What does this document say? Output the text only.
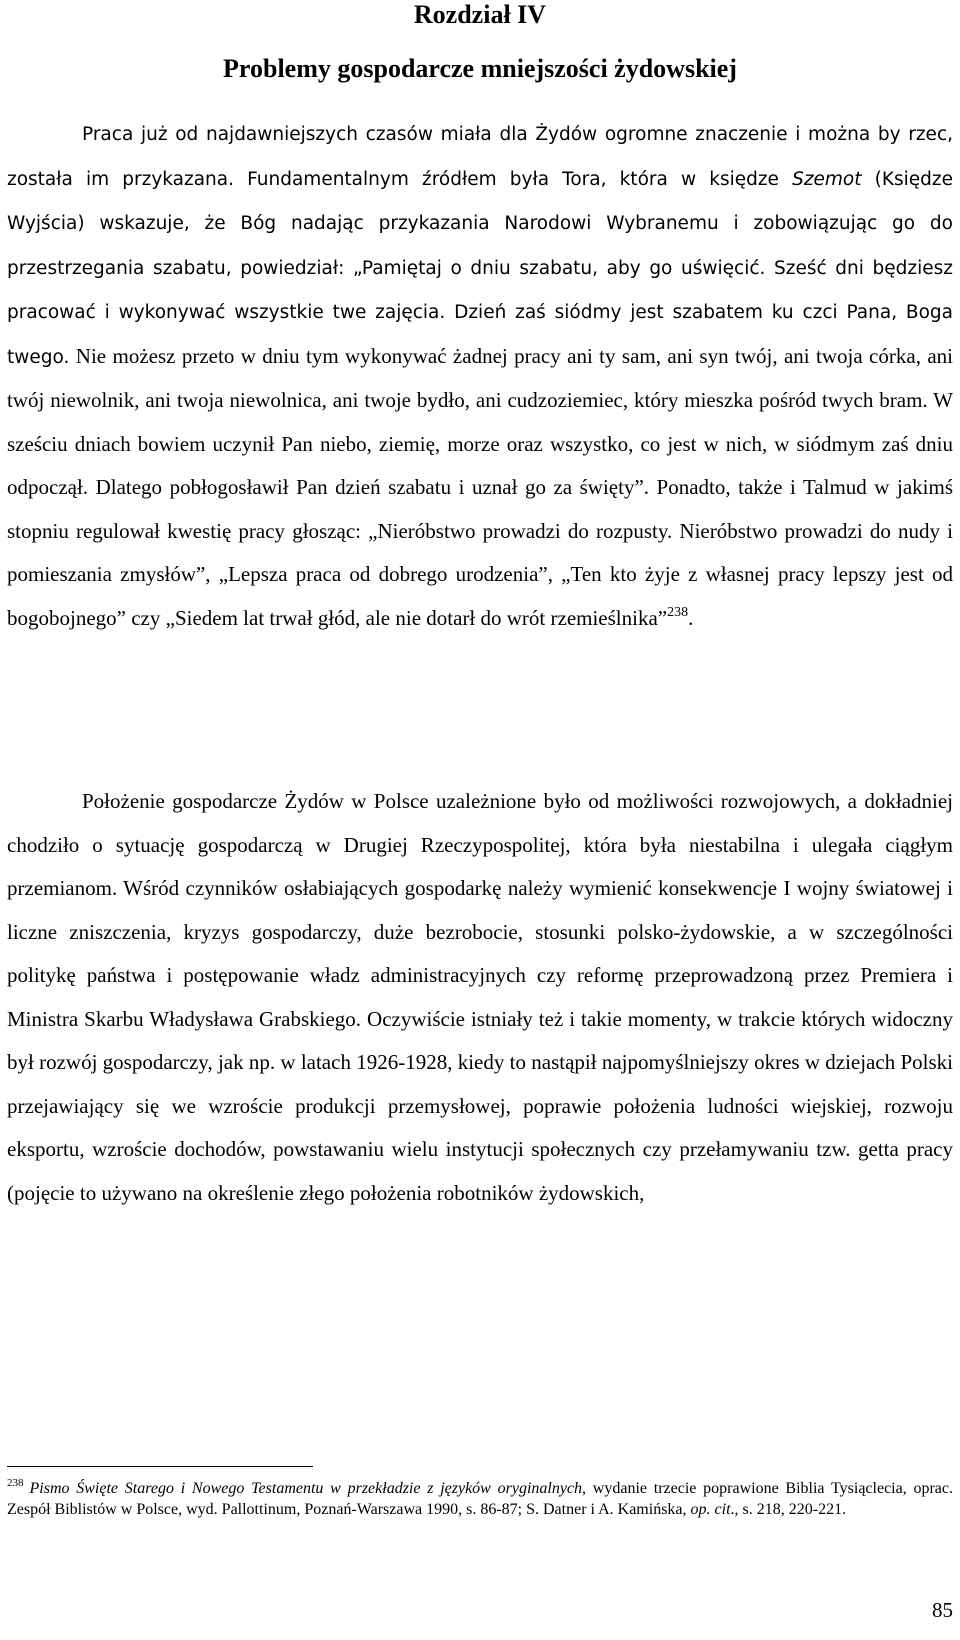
Rozdział IV
Problemy gospodarcze mniejszości żydowskiej

Praca już od najdawniejszych czasów miała dla Żydów ogromne znaczenie i można by rzec, została im przykazana. Fundamentalnym źródłem była Tora, która w księdze Szemot (Księdze Wyjścia) wskazuje, że Bóg nadając przykazania Narodowi Wybranemu i zobowiązując go do przestrzegania szabatu, powiedział: „Pamiętaj o dniu szabatu, aby go uświęcić. Sześć dni będziesz pracować i wykonywać wszystkie twe zajęcia. Dzień zaś siódmy jest szabatem ku czci Pana, Boga twego. Nie możesz przeto w dniu tym wykonywać żadnej pracy ani ty sam, ani syn twój, ani twoja córka, ani twój niewolnik, ani twoja niewolnica, ani twoje bydło, ani cudzoziemiec, który mieszka pośród twych bram. W sześciu dniach bowiem uczynił Pan niebo, ziemię, morze oraz wszystko, co jest w nich, w siódmym zaś dniu odpoczął. Dlatego pobłogosławił Pan dzień szabatu i uznał go za święty”. Ponadto, także i Talmud w jakimś stopniu regulował kwestię pracy głosząc: „Nieróbstwo prowadzi do rozpusty. Nieróbstwo prowadzi do nudy i pomieszania zmysłów”, „Lepsza praca od dobrego urodzenia”, „Ten kto żyje z własnej pracy lepszy jest od bogobojnego” czy „Siedem lat trwał głód, ale nie dotarł do wrót rzemieślnika”$^{238}$.

Położenie gospodarcze Żydów w Polsce uzależnione było od możliwości rozwojowych, a dokładniej chodziło o sytuację gospodarczą w Drugiej Rzeczypospolitej, która była niestabilna i ulegała ciągłym przemianom. Wśród czynników osłabiających gospodarkę należy wymienić konsekwencje I wojny światowej i liczne zniszczenia, kryzys gospodarczy, duże bezrobocie, stosunki polsko-żydowskie, a w szczególności politykę państwa i postępowanie władz administracyjnych czy reformę przeprowadzoną przez Premiera i Ministra Skarbu Władysława Grabskiego. Oczywiście istniały też i takie momenty, w trakcie których widoczny był rozwój gospodarczy, jak np. w latach 1926-1928, kiedy to nastąpił najpomyślniejszy okres w dziejach Polski przejawiający się we wzroście produkcji przemysłowej, poprawie położenia ludności wiejskiej, rozwoju eksportu, wzroście dochodów, powstawaniu wielu instytucji społecznych czy przełamywaniu tzw. getta pracy (pojęcie to używano na określenie złego położenia robotników żydowskich,

$^{238}$ Pismo Święte Starego i Nowego Testamentu w przekładzie z języków oryginalnych, wydanie trzecie poprawione Biblia Tysiąclecia, oprac. Zespół Biblistów w Polsce, wyd. Pallottinum, Poznań-Warszawa 1990, s. 86-87; S. Datner i A. Kamińska, op. cit., s. 218, 220-221.
85
